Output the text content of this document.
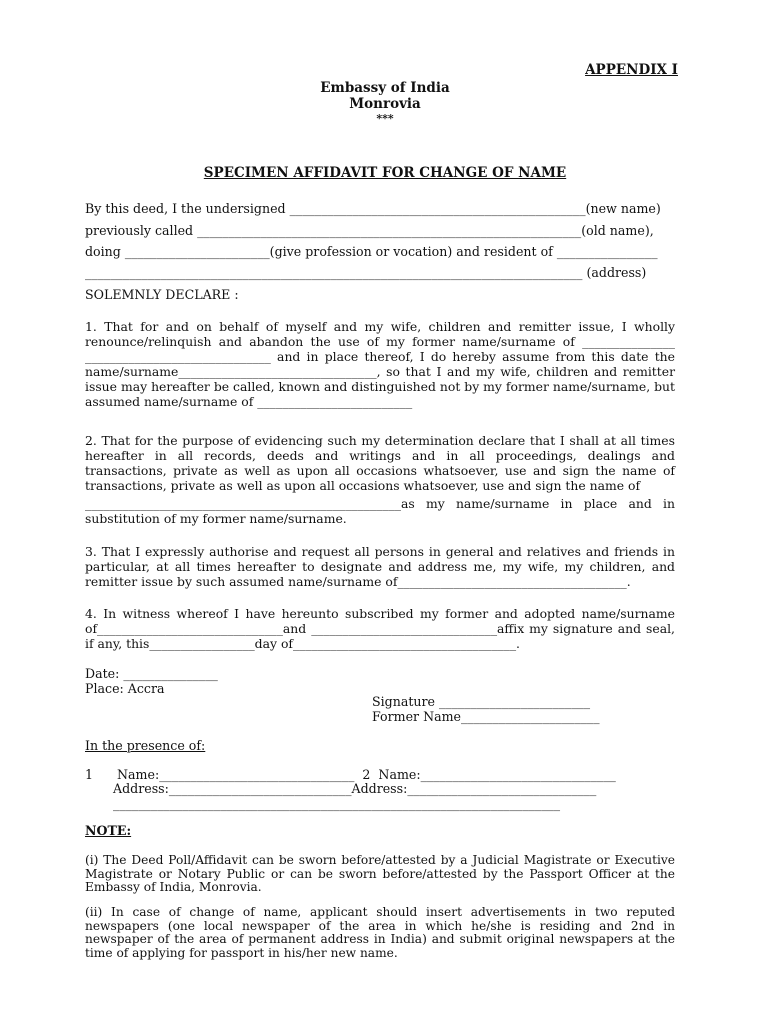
APPENDIX I
Embassy of India
Monrovia
***
SPECIMEN AFFIDAVIT FOR CHANGE OF NAME
By this deed, I the undersigned _______________________________________________(new name)
previously called _____________________________________________________________(old name),
doing _______________________(give profession or vocation) and resident of ________________
_______________________________________________________________________________ (address)
SOLEMNLY DECLARE :
1. That for and on behalf of myself and my wife, children and remitter issue, I wholly renounce/relinquish and abandon the use of my former name/surname of _______________ ______________________________ and in place thereof, I do hereby assume from this date the name/surname________________________________, so that I and my wife, children and remitter issue may hereafter be called, known and distinguished not by my former name/surname, but assumed name/surname of _________________________
2. That for the purpose of evidencing such my determination declare that I shall at all times hereafter in all records, deeds and writings and in all proceedings, dealings and transactions, private as well as upon all occasions whatsoever, use and sign the name of transactions, private as well as upon all occasions whatsoever, use and sign the name of
___________________________________________________as my name/surname in place and in substitution of my former name/surname.
3. That I expressly authorise and request all persons in general and relatives and friends in particular, at all times hereafter to designate and address me, my wife, my children, and remitter issue by such assumed name/surname of_____________________________________.
4. In witness whereof I have hereunto subscribed my former and adopted name/surname of______________________________and ______________________________affix my signature and seal, if any, this_________________day of____________________________________.
Date: _______________
Place: Accra
Signature ________________________
Former Name______________________
In the presence of:
1      Name:_______________________________  2  Name:_______________________________
Address:_____________________________Address:______________________________
_______________________________________________________________________
NOTE:
(i) The Deed Poll/Affidavit can be sworn before/attested by a Judicial Magistrate or Executive Magistrate or Notary Public or can be sworn before/attested by the Passport Officer at the Embassy of India, Monrovia.
(ii) In case of change of name, applicant should insert advertisements in two reputed newspapers (one local newspaper of the area in which he/she is residing and 2nd in newspaper of the area of permanent address in India) and submit original newspapers at the time of applying for passport in his/her new name.
